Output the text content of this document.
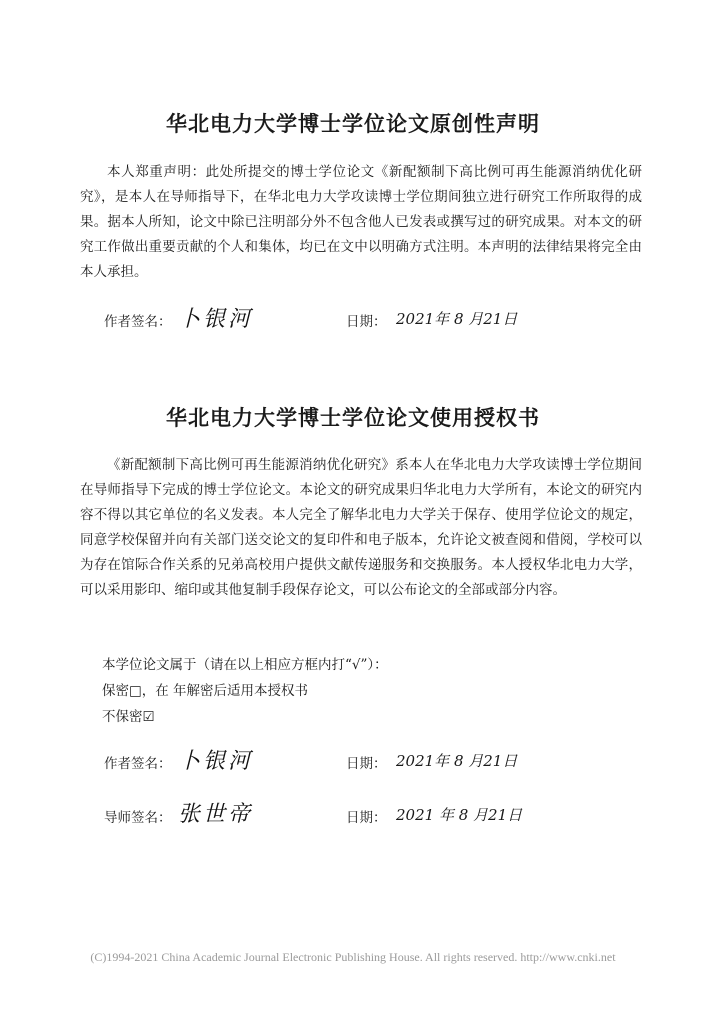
华北电力大学博士学位论文原创性声明
本人郑重声明：此处所提交的博士学位论文《新配额制下高比例可再生能源消纳优化研究》，是本人在导师指导下，在华北电力大学攻读博士学位期间独立进行研究工作所取得的成果。据本人所知，论文中除已注明部分外不包含他人已发表或撰写过的研究成果。对本文的研究工作做出重要贡献的个人和集体，均已在文中以明确方式注明。本声明的法律结果将完全由本人承担。
作者签名： 卜银河	日期： 2021年 8 月21日
华北电力大学博士学位论文使用授权书
《新配额制下高比例可再生能源消纳优化研究》系本人在华北电力大学攻读博士学位期间在导师指导下完成的博士学位论文。本论文的研究成果归华北电力大学所有，本论文的研究内容不得以其它单位的名义发表。本人完全了解华北电力大学关于保存、使用学位论文的规定，同意学校保留并向有关部门送交论文的复印件和电子版本，允许论文被查阅和借阅，学校可以为存在馆际合作关系的兄弟高校用户提供文献传递服务和交换服务。本人授权华北电力大学，可以采用影印、缩印或其他复制手段保存论文，可以公布论文的全部或部分内容。
本学位论文属于（请在以上相应方框内打“√”）：
保密□，在 年解密后适用本授权书
不保密☑
作者签名： 卜银河	日期： 2021年 8 月21日
导师签名： 张世帝	日期： 2021 年 8 月21日
(C)1994-2021 China Academic Journal Electronic Publishing House. All rights reserved. http://www.cnki.net
